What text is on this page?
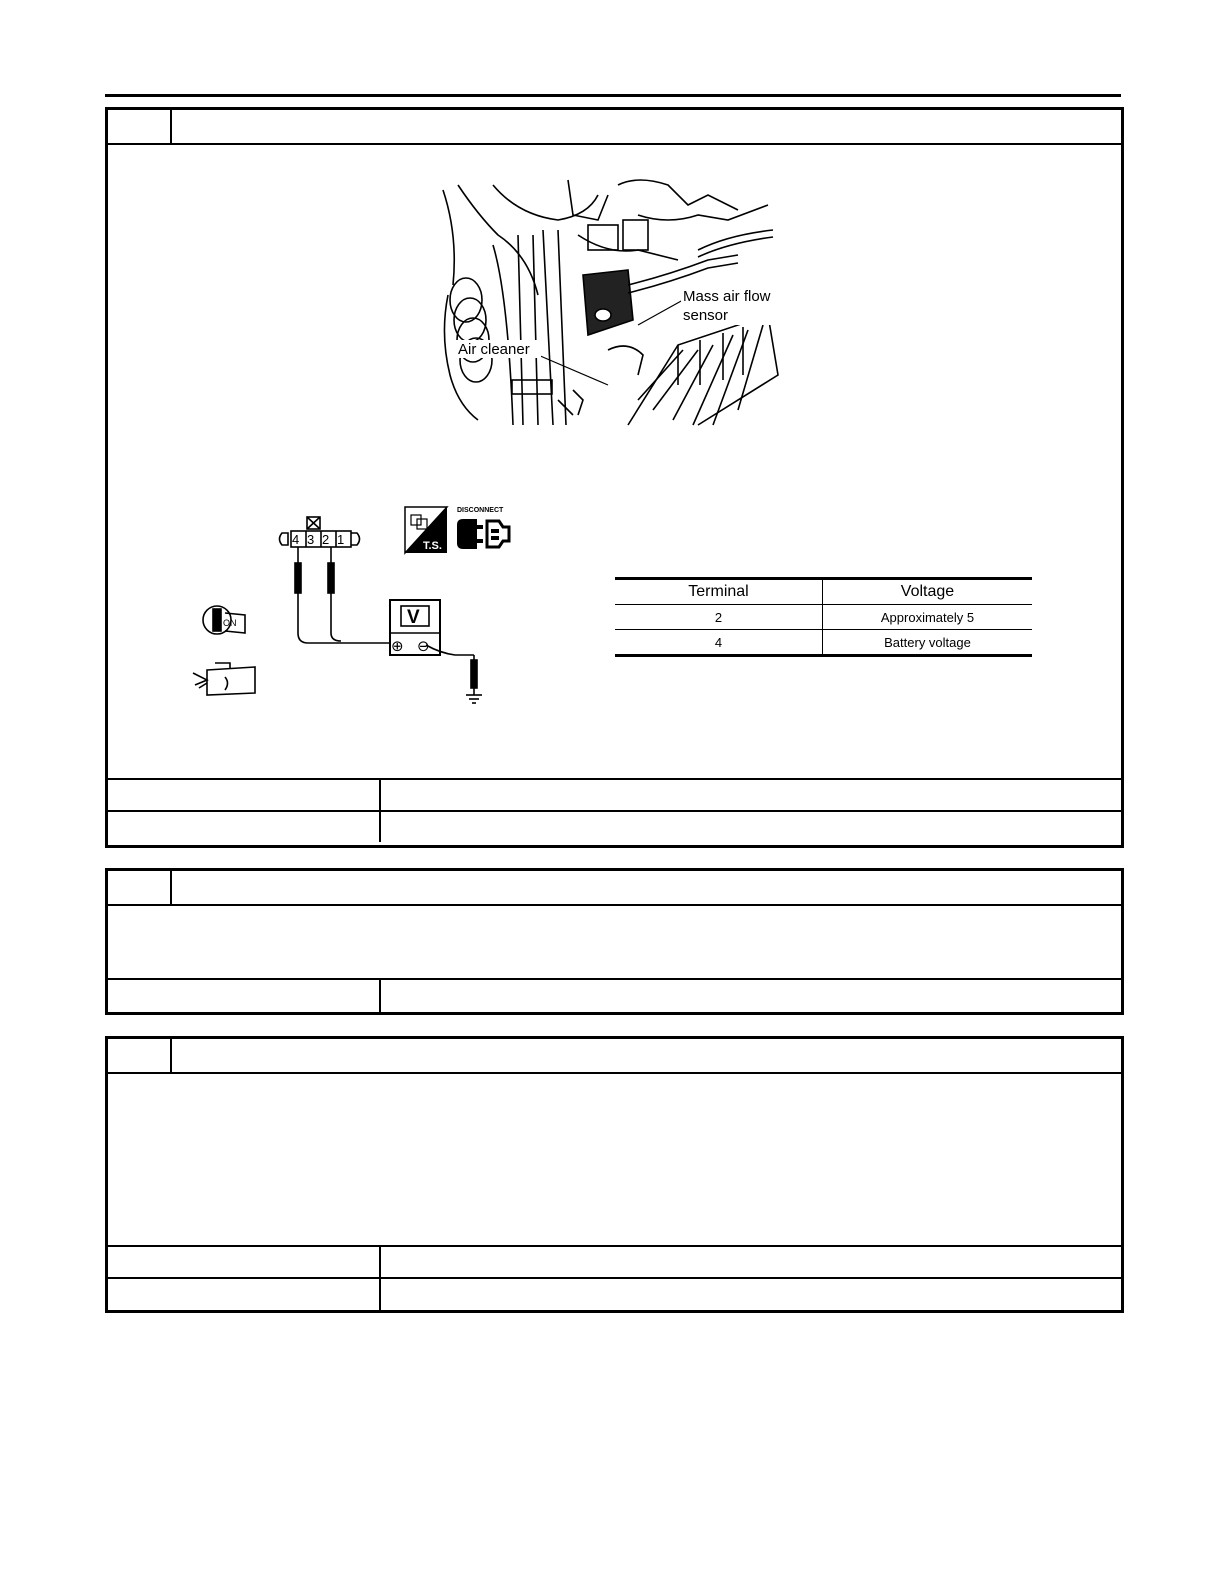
Mass air flow
sensor
Air cleaner
4 3 2 1
V
⊕ ⊖
ON
T.S.
DISCONNECT
Terminal	Voltage
2	Approximately 5
4	Battery voltage
